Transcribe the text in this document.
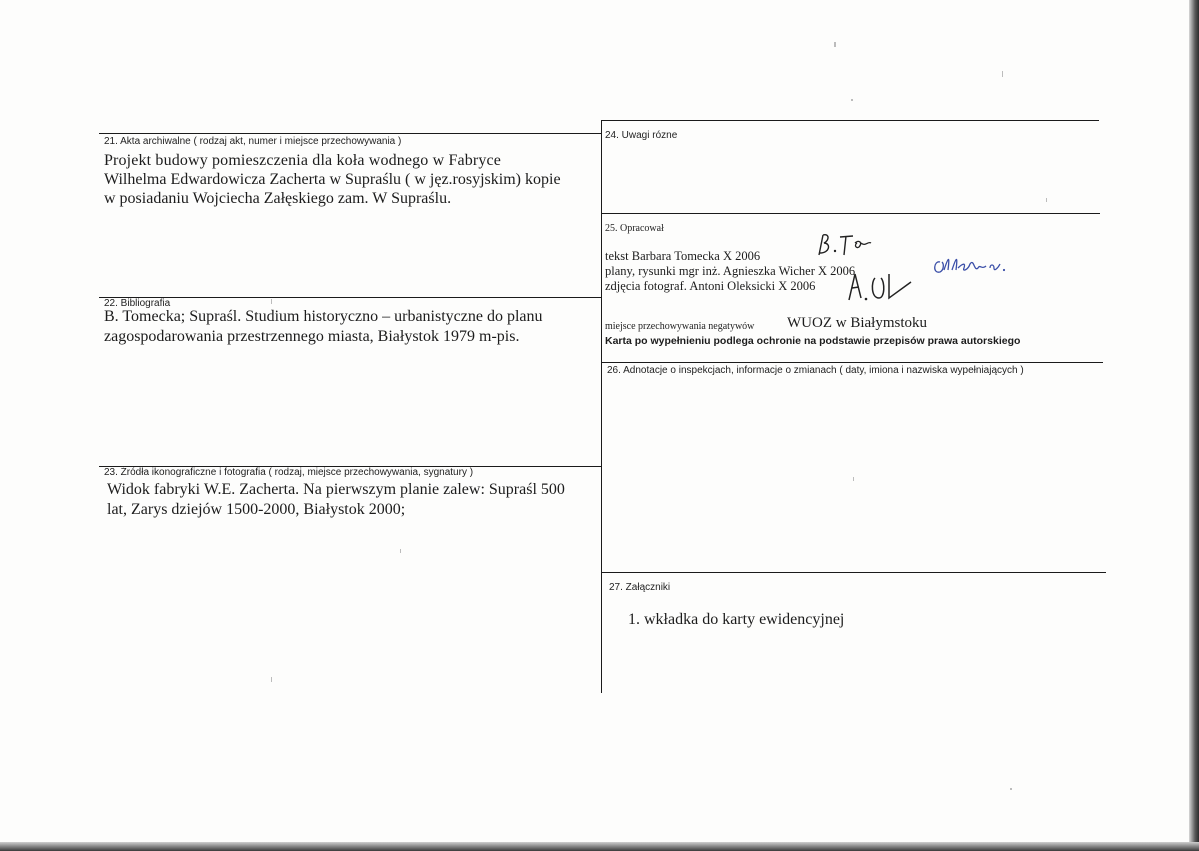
21. Akta archiwalne ( rodzaj akt, numer i miejsce przechowywania )

Projekt budowy pomieszczenia dla koła wodnego w Fabryce

Wilhelma Edwardowicza Zacherta w Supraślu ( w jęz.rosyjskim) kopie

w posiadaniu Wojciecha Załęskiego zam. W Supraślu.

22. Bibliografia

B. Tomecka; Supraśl. Studium historyczno – urbanistyczne do planu

zagospodarowania przestrzennego miasta, Białystok 1979 m-pis.

23. Źródła ikonograficzne i fotografia ( rodzaj, miejsce przechowywania, sygnatury )

Widok fabryki W.E. Zacherta. Na pierwszym planie zalew: Supraśl 500

lat, Zarys dziejów 1500-2000, Białystok 2000;

24. Uwagi rózne
25. Opracował
tekst Barbara Tomecka X 2006
plany, rysunki mgr inż. Agnieszka Wicher X 2006
zdjęcia fotograf. Antoni Oleksicki X 2006
miejsce przechowywania negatywów WUOZ w Białymstoku
Karta po wypełnieniu podlega ochronie na podstawie przepisów prawa autorskiego
26. Adnotacje o inspekcjach, informacje o zmianach ( daty, imiona i nazwiska wypełniających )
27. Załączniki
1. wkładka do karty ewidencyjnej
